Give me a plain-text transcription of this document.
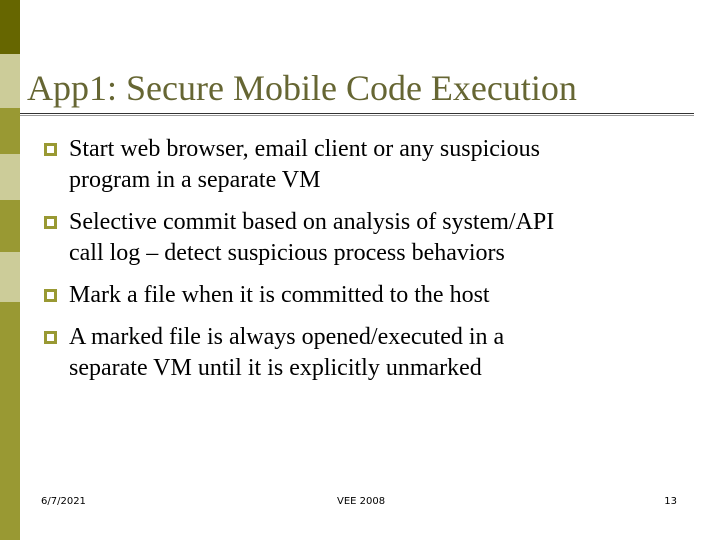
App1: Secure Mobile Code Execution
Start web browser, email client or any suspicious
program in a separate VM
Selective commit based on analysis of system/API
call log – detect suspicious process behaviors
Mark a file when it is committed to the host
A marked file is always opened/executed in a
separate VM until it is explicitly unmarked
6/7/2021	VEE 2008	13
